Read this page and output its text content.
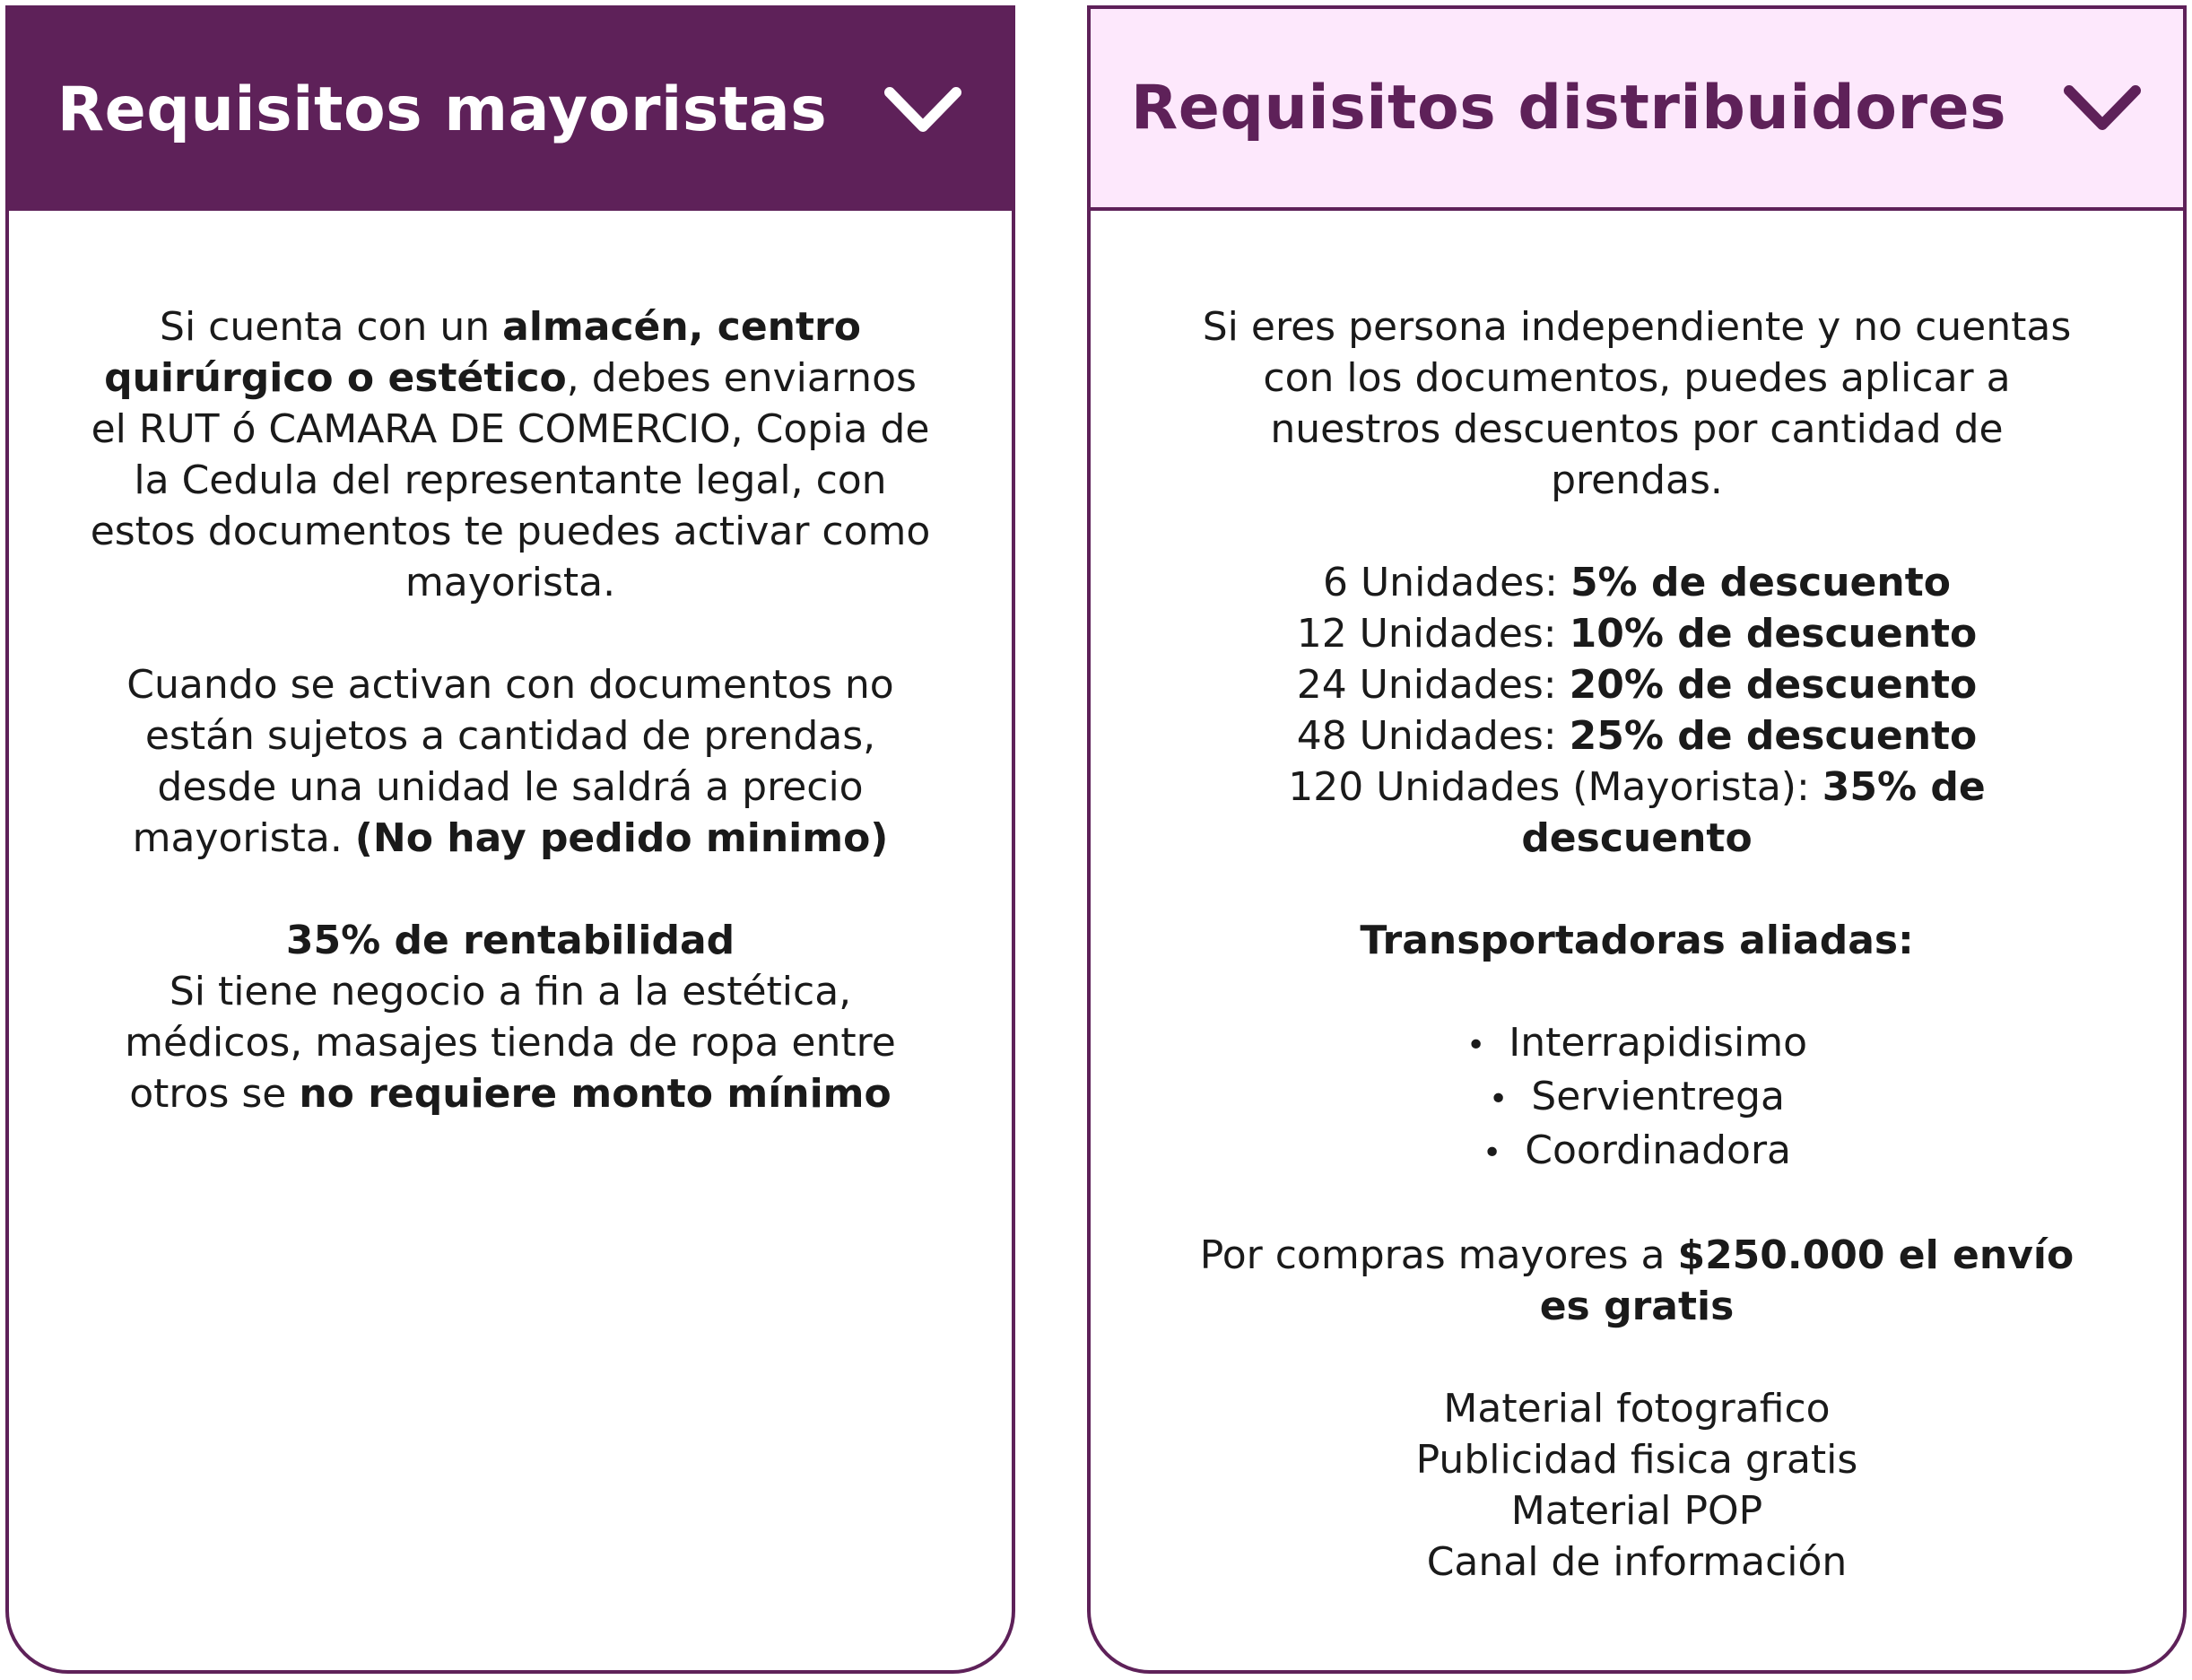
Requisitos mayoristas

Si cuenta con un almacén, centro quirúrgico o estético, debes enviarnos el RUT ó CAMARA DE COMERCIO, Copia de la Cedula del representante legal, con estos documentos te puedes activar como mayorista.

Cuando se activan con documentos no están sujetos a cantidad de prendas, desde una unidad le saldrá a precio mayorista. (No hay pedido minimo)

35% de rentabilidad
Si tiene negocio a fin a la estética, médicos, masajes tienda de ropa entre otros se no requiere monto mínimo

Requisitos distribuidores

Si eres persona independiente y no cuentas con los documentos, puedes aplicar a nuestros descuentos por cantidad de prendas.

6 Unidades: 5% de descuento
12 Unidades: 10% de descuento
24 Unidades: 20% de descuento
48 Unidades: 25% de descuento
120 Unidades (Mayorista): 35% de descuento

Transportadoras aliadas:

• Interrapidisimo
• Servientrega
• Coordinadora

Por compras mayores a $250.000 el envío es gratis

Material fotografico
Publicidad fisica gratis
Material POP
Canal de información
